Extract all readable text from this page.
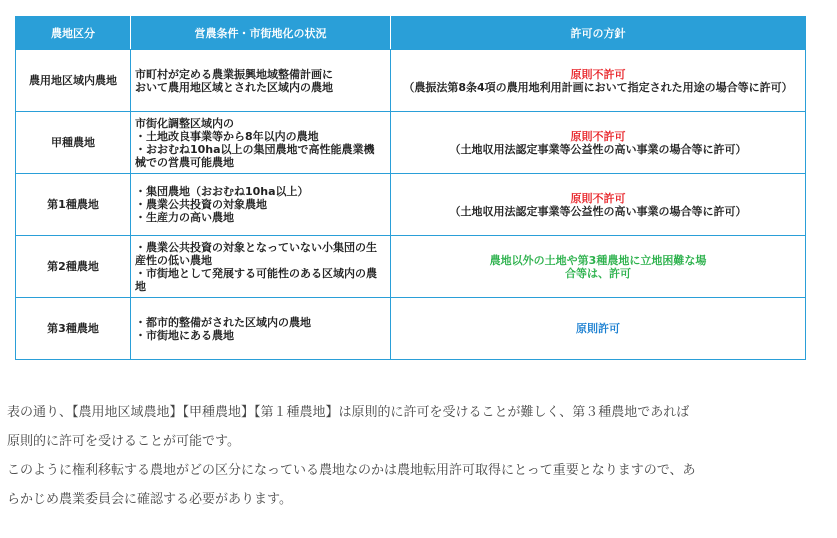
農地区分	営農条件・市街地化の状況	許可の方針
農用地区域内農地	市町村が定める農業振興地域整備計画に
おいて農用地区域とされた区域内の農地	原則不許可
（農振法第8条4項の農用地利用計画において指定された用途の場合等に許可）

甲種農地	市街化調整区域内の
・土地改良事業等から8年以内の農地
・おおむね10ha以上の集団農地で高性能農業機
械での営農可能農地	原則不許可
（土地収用法認定事業等公益性の高い事業の場合等に許可）

第1種農地	・集団農地（おおむね10ha以上）
・農業公共投資の対象農地
・生産力の高い農地	原則不許可
（土地収用法認定事業等公益性の高い事業の場合等に許可）

第2種農地	・農業公共投資の対象となっていない小集団の生
産性の低い農地
・市街地として発展する可能性のある区域内の農
地	農地以外の土地や第3種農地に立地困難な場
合等は、許可

第3種農地	・都市的整備がされた区域内の農地
・市街地にある農地	原則許可

表の通り、【農用地区域農地】【甲種農地】【第１種農地】は原則的に許可を受けることが難しく、第３種農地であれば
原則的に許可を受けることが可能です。

このように権利移転する農地がどの区分になっている農地なのかは農地転用許可取得にとって重要となりますので、あ
らかじめ農業委員会に確認する必要があります。
